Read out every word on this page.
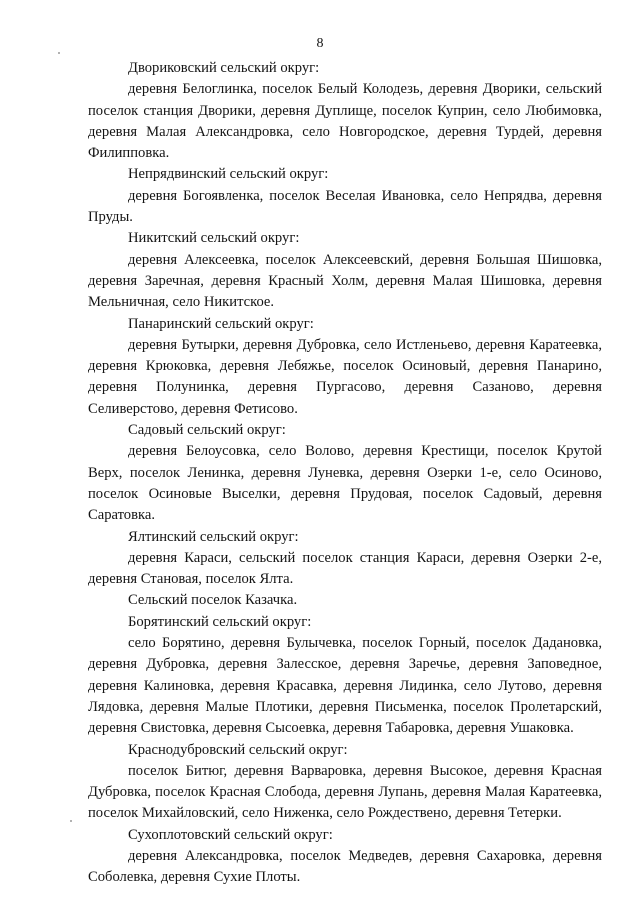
8

Двориковский сельский округ:

деревня Белоглинка, поселок Белый Колодезь, деревня Дворики, сельский поселок станция Дворики, деревня Дуплище, поселок Куприн, село Любимовка, деревня Малая Александровка, село Новгородское, деревня Турдей, деревня Филипповка.

Непрядвинский сельский округ:

деревня Богоявленка, поселок Веселая Ивановка, село Непрядва, деревня Пруды.

Никитский сельский округ:

деревня Алексеевка, поселок Алексеевский, деревня Большая Шишовка, деревня Заречная, деревня Красный Холм, деревня Малая Шишовка, деревня Мельничная, село Никитское.

Панаринский сельский округ:

деревня Бутырки, деревня Дубровка, село Истленьево, деревня Каратеевка, деревня Крюковка, деревня Лебяжье, поселок Осиновый, деревня Панарино, деревня Полунинка, деревня Пургасово, деревня Сазаново, деревня Селиверстово, деревня Фетисово.

Садовый сельский округ:

деревня Белоусовка, село Волово, деревня Крестищи, поселок Крутой Верх, поселок Ленинка, деревня Луневка, деревня Озерки 1-е, село Осиново, поселок Осиновые Выселки, деревня Прудовая, поселок Садовый, деревня Саратовка.

Ялтинский сельский округ:

деревня Караси, сельский поселок станция Караси, деревня Озерки 2-е, деревня Становая, поселок Ялта.

Сельский поселок Казачка.

Борятинский сельский округ:

село Борятино, деревня Булычевка, поселок Горный, поселок Дадановка, деревня Дубровка, деревня Залесское, деревня Заречье, деревня Заповедное, деревня Калиновка, деревня Красавка, деревня Лидинка, село Лутово, деревня Лядовка, деревня Малые Плотики, деревня Письменка, поселок Пролетарский, деревня Свистовка, деревня Сысоевка, деревня Табаровка, деревня Ушаковка.

Краснодубровский сельский округ:

поселок Битюг, деревня Варваровка, деревня Высокое, деревня Красная Дубровка, поселок Красная Слобода, деревня Лупань, деревня Малая Каратеевка, поселок Михайловский, село Ниженка, село Рождествено, деревня Тетерки.

Сухоплотовский сельский округ:

деревня Александровка, поселок Медведев, деревня Сахаровка, деревня Соболевка, деревня Сухие Плоты.
